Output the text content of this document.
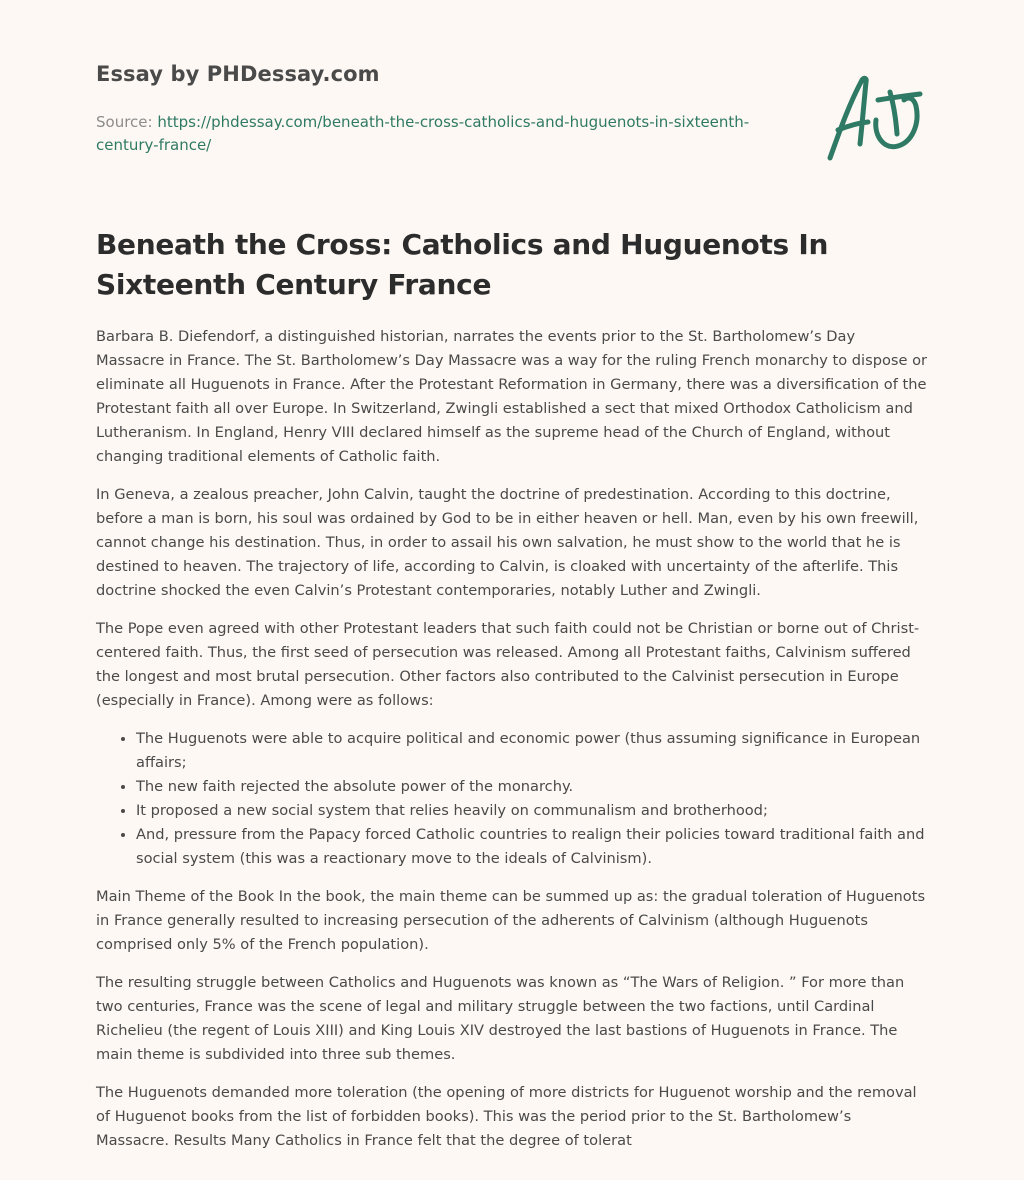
Essay by PHDessay.com
Source: https://phdessay.com/beneath-the-cross-catholics-and-huguenots-in-sixteenth-century-france/
Beneath the Cross: Catholics and Huguenots In Sixteenth Century France

Barbara B. Diefendorf, a distinguished historian, narrates the events prior to the St. Bartholomew’s Day Massacre in France. The St. Bartholomew’s Day Massacre was a way for the ruling French monarchy to dispose or eliminate all Huguenots in France. After the Protestant Reformation in Germany, there was a diversification of the Protestant faith all over Europe. In Switzerland, Zwingli established a sect that mixed Orthodox Catholicism and Lutheranism. In England, Henry VIII declared himself as the supreme head of the Church of England, without changing traditional elements of Catholic faith.

In Geneva, a zealous preacher, John Calvin, taught the doctrine of predestination. According to this doctrine, before a man is born, his soul was ordained by God to be in either heaven or hell. Man, even by his own freewill, cannot change his destination. Thus, in order to assail his own salvation, he must show to the world that he is destined to heaven. The trajectory of life, according to Calvin, is cloaked with uncertainty of the afterlife. This doctrine shocked the even Calvin’s Protestant contemporaries, notably Luther and Zwingli.

The Pope even agreed with other Protestant leaders that such faith could not be Christian or borne out of Christ-centered faith. Thus, the first seed of persecution was released. Among all Protestant faiths, Calvinism suffered the longest and most brutal persecution. Other factors also contributed to the Calvinist persecution in Europe (especially in France). Among were as follows:

• The Huguenots were able to acquire political and economic power (thus assuming significance in European affairs;
• The new faith rejected the absolute power of the monarchy.
• It proposed a new social system that relies heavily on communalism and brotherhood;
• And, pressure from the Papacy forced Catholic countries to realign their policies toward traditional faith and social system (this was a reactionary move to the ideals of Calvinism).

Main Theme of the Book In the book, the main theme can be summed up as: the gradual toleration of Huguenots in France generally resulted to increasing persecution of the adherents of Calvinism (although Huguenots comprised only 5% of the French population).

The resulting struggle between Catholics and Huguenots was known as “The Wars of Religion. ” For more than two centuries, France was the scene of legal and military struggle between the two factions, until Cardinal Richelieu (the regent of Louis XIII) and King Louis XIV destroyed the last bastions of Huguenots in France. The main theme is subdivided into three sub themes.

The Huguenots demanded more toleration (the opening of more districts for Huguenot worship and the removal of Huguenot books from the list of forbidden books). This was the period prior to the St. Bartholomew’s Massacre. Results Many Catholics in France felt that the degree of tolerat
